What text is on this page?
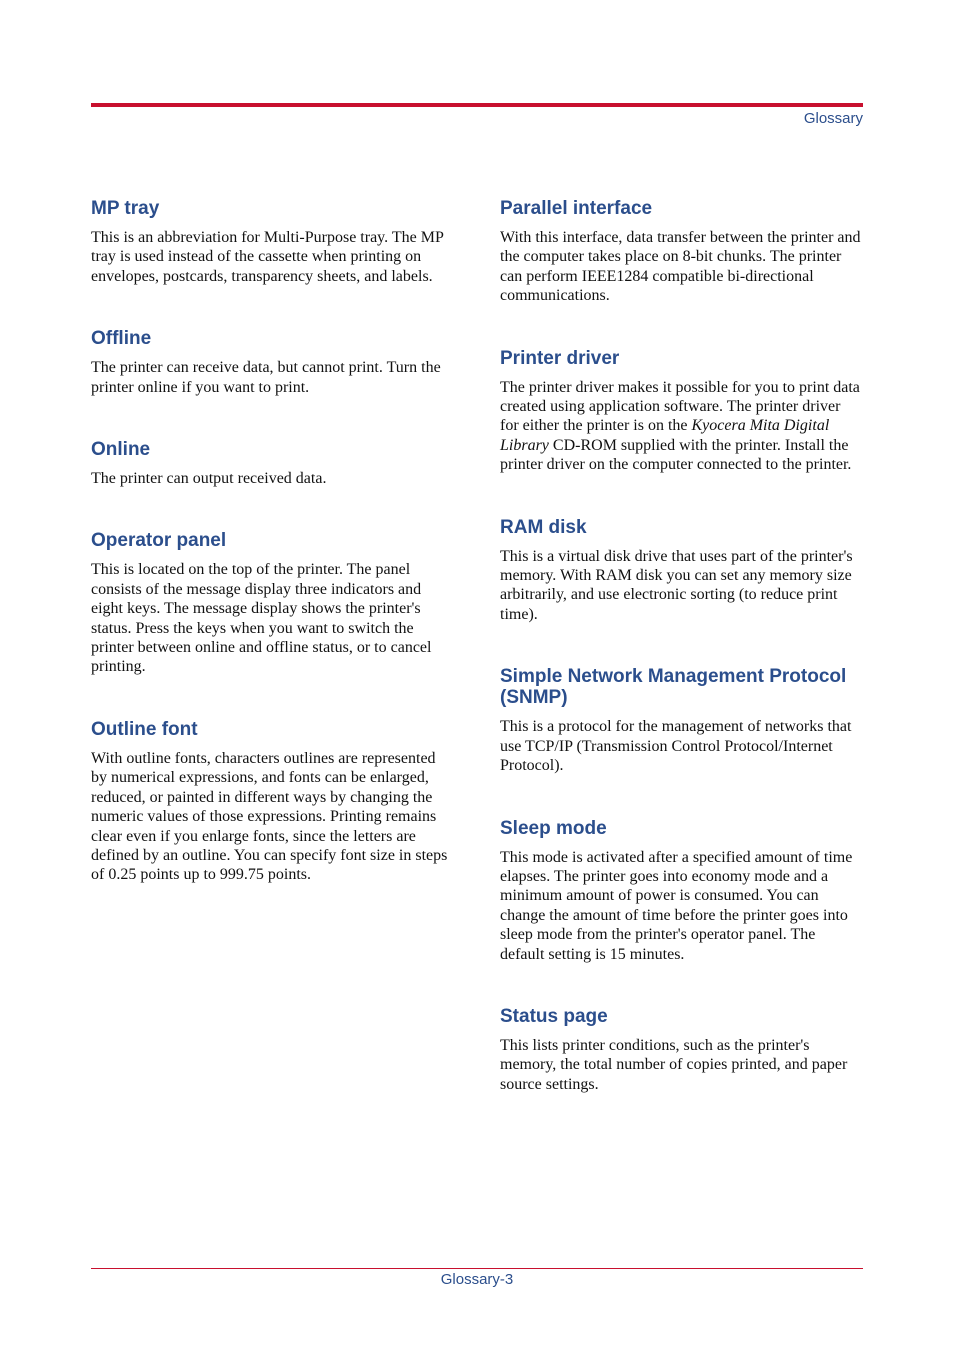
Glossary
MP tray

This is an abbreviation for Multi-Purpose tray. The MP tray is used instead of the cassette when printing on envelopes, postcards, transparency sheets, and labels.

Offline

The printer can receive data, but cannot print. Turn the printer online if you want to print.

Online

The printer can output received data.

Operator panel

This is located on the top of the printer. The panel consists of the message display three indicators and eight keys. The message display shows the printer's status. Press the keys when you want to switch the printer between online and offline status, or to cancel printing.

Outline font

With outline fonts, characters outlines are represented by numerical expressions, and fonts can be enlarged, reduced, or painted in different ways by changing the numeric values of those expressions. Printing remains clear even if you enlarge fonts, since the letters are defined by an outline. You can specify font size in steps of 0.25 points up to 999.75 points.

Parallel interface

With this interface, data transfer between the printer and the computer takes place on 8-bit chunks. The printer can perform IEEE1284 compatible bi-directional communications.

Printer driver

The printer driver makes it possible for you to print data created using application software. The printer driver for either the printer is on the Kyocera Mita Digital Library CD-ROM supplied with the printer. Install the printer driver on the computer connected to the printer.

RAM disk

This is a virtual disk drive that uses part of the printer's memory. With RAM disk you can set any memory size arbitrarily, and use electronic sorting (to reduce print time).

Simple Network Management Protocol (SNMP)

This is a protocol for the management of networks that use TCP/IP (Transmission Control Protocol/Internet Protocol).

Sleep mode

This mode is activated after a specified amount of time elapses. The printer goes into economy mode and a minimum amount of power is consumed. You can change the amount of time before the printer goes into sleep mode from the printer's operator panel. The default setting is 15 minutes.

Status page

This lists printer conditions, such as the printer's memory, the total number of copies printed, and paper source settings.

Glossary-3
